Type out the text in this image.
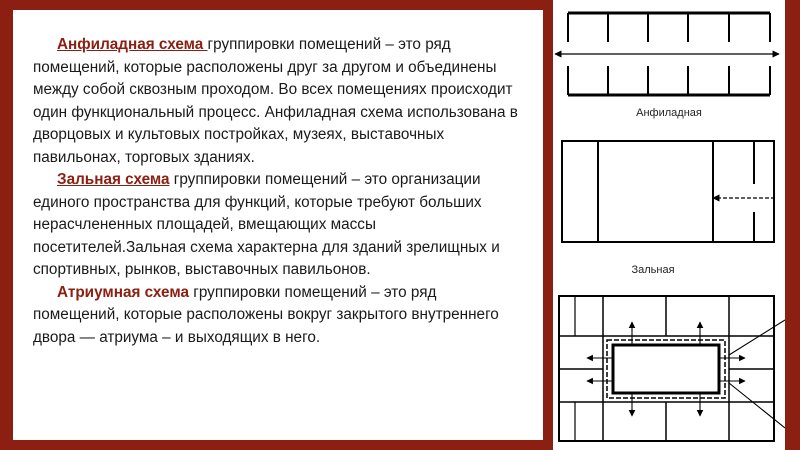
Анфиладная схема группировки помещений – это ряд помещений, которые расположены друг за другом и объединены между собой сквозным проходом. Во всех помещениях происходит один функциональный процесс. Анфиладная схема использована в дворцовых и культовых постройках, музеях, выставочных павильонах, торговых зданиях.

Зальная схема группировки помещений – это организации единого пространства для функций, которые требуют больших нерасчлененных площадей, вмещающих массы посетителей.Зальная схема характерна для зданий зрелищных и спортивных, рынков, выставочных павильонов.

Атриумная схема группировки помещений – это ряд помещений, которые расположены вокруг закрытого внутреннего двора — атриума – и выходящих в него.

Анфиладная
Зальная
